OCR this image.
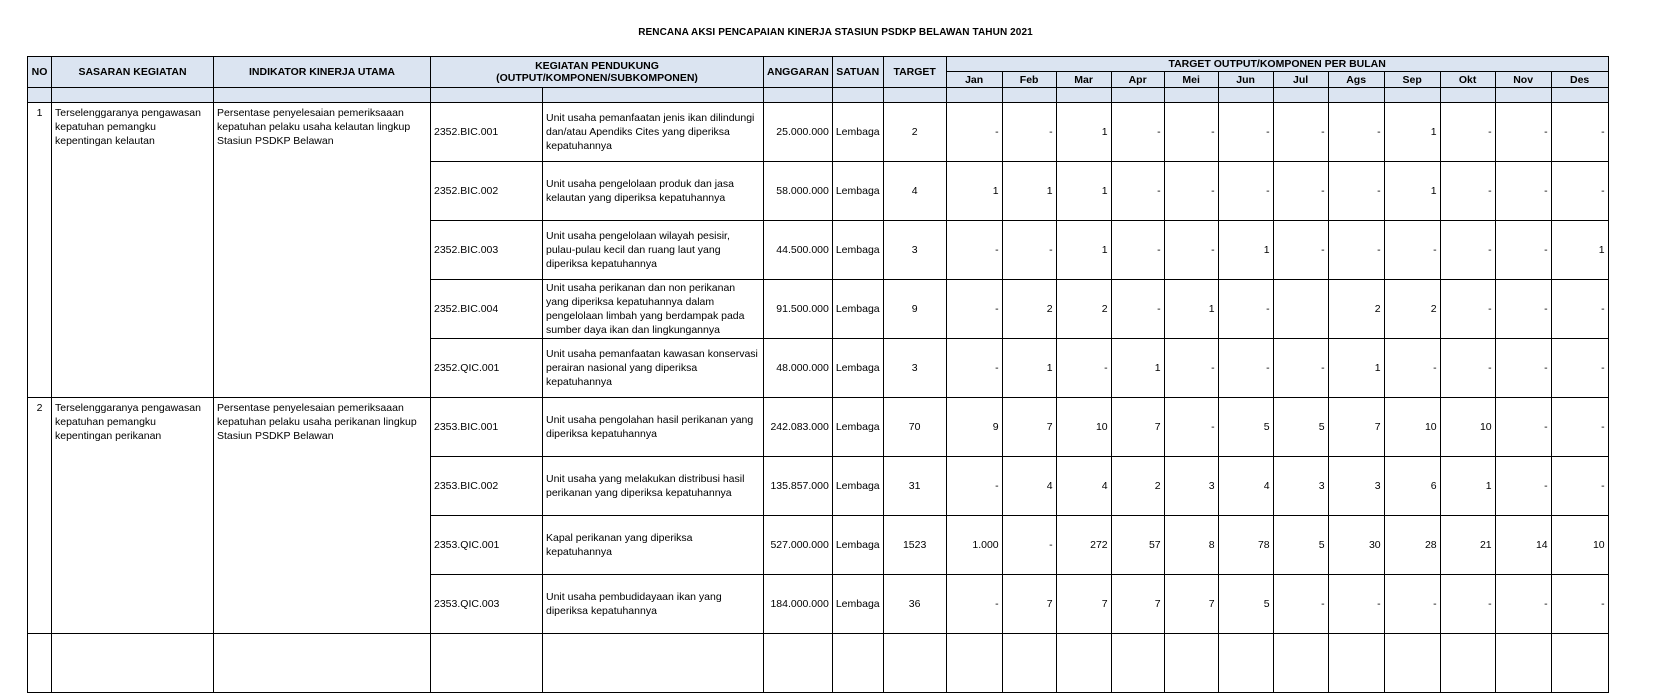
RENCANA AKSI PENCAPAIAN KINERJA STASIUN PSDKP BELAWAN TAHUN 2021
NO	SASARAN KEGIATAN	INDIKATOR KINERJA UTAMA	KEGIATAN PENDUKUNG (OUTPUT/KOMPONEN/SUBKOMPONEN)		ANGGARAN	SATUAN	TARGET	TARGET OUTPUT/KOMPONEN PER BULAN											
								Jan	Feb	Mar	Apr	Mei	Jun	Jul	Ags	Sep	Okt	Nov	Des

1	Terselenggaranya pengawasan kepatuhan pemangku kepentingan kelautan	Persentase penyelesaian pemeriksaaan kepatuhan pelaku usaha kelautan lingkup Stasiun PSDKP Belawan	2352.BIC.001	Unit usaha pemanfaatan jenis ikan dilindungi dan/atau Apendiks Cites yang diperiksa kepatuhannya	25.000.000	Lembaga	2	-	-	1	-	-	-	-	-	1	-	-	-
			2352.BIC.002	Unit usaha pengelolaan produk dan jasa kelautan yang diperiksa kepatuhannya	58.000.000	Lembaga	4	1	1	1	-	-	-	-	-	1	-	-	-
			2352.BIC.003	Unit usaha pengelolaan wilayah pesisir, pulau-pulau kecil dan ruang laut yang diperiksa kepatuhannya	44.500.000	Lembaga	3	-	-	1	-	-	1	-	-	-	-	-	1
			2352.BIC.004	Unit usaha perikanan dan non perikanan yang diperiksa kepatuhannya dalam pengelolaan limbah yang berdampak pada sumber daya ikan dan lingkungannya	91.500.000	Lembaga	9	-	2	2	-	1	-		2	2	-	-	-
			2352.QIC.001	Unit usaha pemanfaatan kawasan konservasi perairan nasional yang diperiksa kepatuhannya	48.000.000	Lembaga	3	-	1	-	1	-	-	-	1	-	-	-	-
2	Terselenggaranya pengawasan kepatuhan pemangku kepentingan perikanan	Persentase penyelesaian pemeriksaaan kepatuhan pelaku usaha perikanan lingkup Stasiun PSDKP Belawan	2353.BIC.001	Unit usaha pengolahan hasil perikanan yang diperiksa kepatuhannya	242.083.000	Lembaga	70	9	7	10	7	-	5	5	7	10	10	-	-
			2353.BIC.002	Unit usaha yang melakukan distribusi hasil perikanan yang diperiksa kepatuhannya	135.857.000	Lembaga	31	-	4	4	2	3	4	3	3	6	1	-	-
			2353.QIC.001	Kapal perikanan yang diperiksa kepatuhannya	527.000.000	Lembaga	1523	1.000	-	272	57	8	78	5	30	28	21	14	10
			2353.QIC.003	Unit usaha pembudidayaan ikan yang diperiksa kepatuhannya	184.000.000	Lembaga	36	-	7	7	7	7	5	-	-	-	-	-	-
